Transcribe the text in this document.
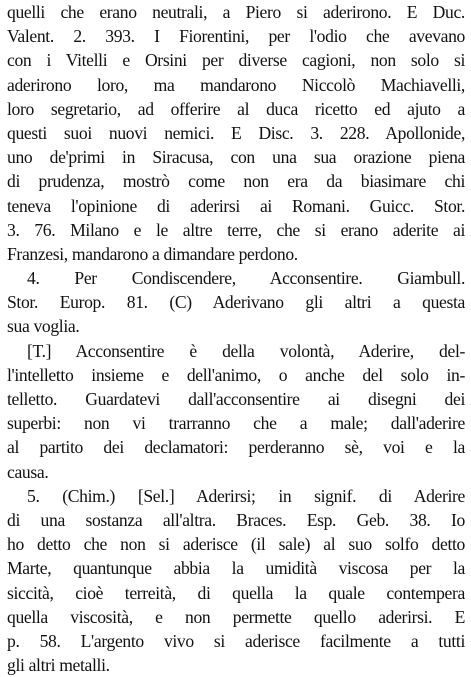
quelli che erano neutrali, a Piero si aderirono. E Duc.
Valent. 2. 393. I Fiorentini, per l'odio che avevano
con i Vitelli e Orsini per diverse cagioni, non solo si
aderirono loro, ma mandarono Niccolò Machiavelli,
loro segretario, ad offerire al duca ricetto ed ajuto a
questi suoi nuovi nemici. E Disc. 3. 228. Apollonide,
uno de'primi in Siracusa, con una sua orazione piena
di prudenza, mostrò come non era da biasimare chi
teneva l'opinione di aderirsi ai Romani. Guicc. Stor.
3. 76. Milano e le altre terre, che si erano aderite ai
Franzesi, mandarono a dimandare perdono.
4. Per Condiscendere, Acconsentire. Giambull.
Stor. Europ. 81. (C) Aderivano gli altri a questa
sua voglia.
[T.] Acconsentire è della volontà, Aderire, del-
l'intelletto insieme e dell'animo, o anche del solo in-
telletto. Guardatevi dall'acconsentire ai disegni dei
superbi: non vi trarranno che a male; dall'aderire
al partito dei declamatori: perderanno sè, voi e la
causa.
5. (Chim.) [Sel.] Aderirsi; in signif. di Aderire
di una sostanza all'altra. Braces. Esp. Geb. 38. Io
ho detto che non si aderisce (il sale) al suo solfo detto
Marte, quantunque abbia la umidità viscosa per la
siccità, cioè terreità, di quella la quale contempera
quella viscosità, e non permette quello aderirsi. E
p. 58. L'argento vivo si aderisce facilmente a tutti
gli altri metalli.
